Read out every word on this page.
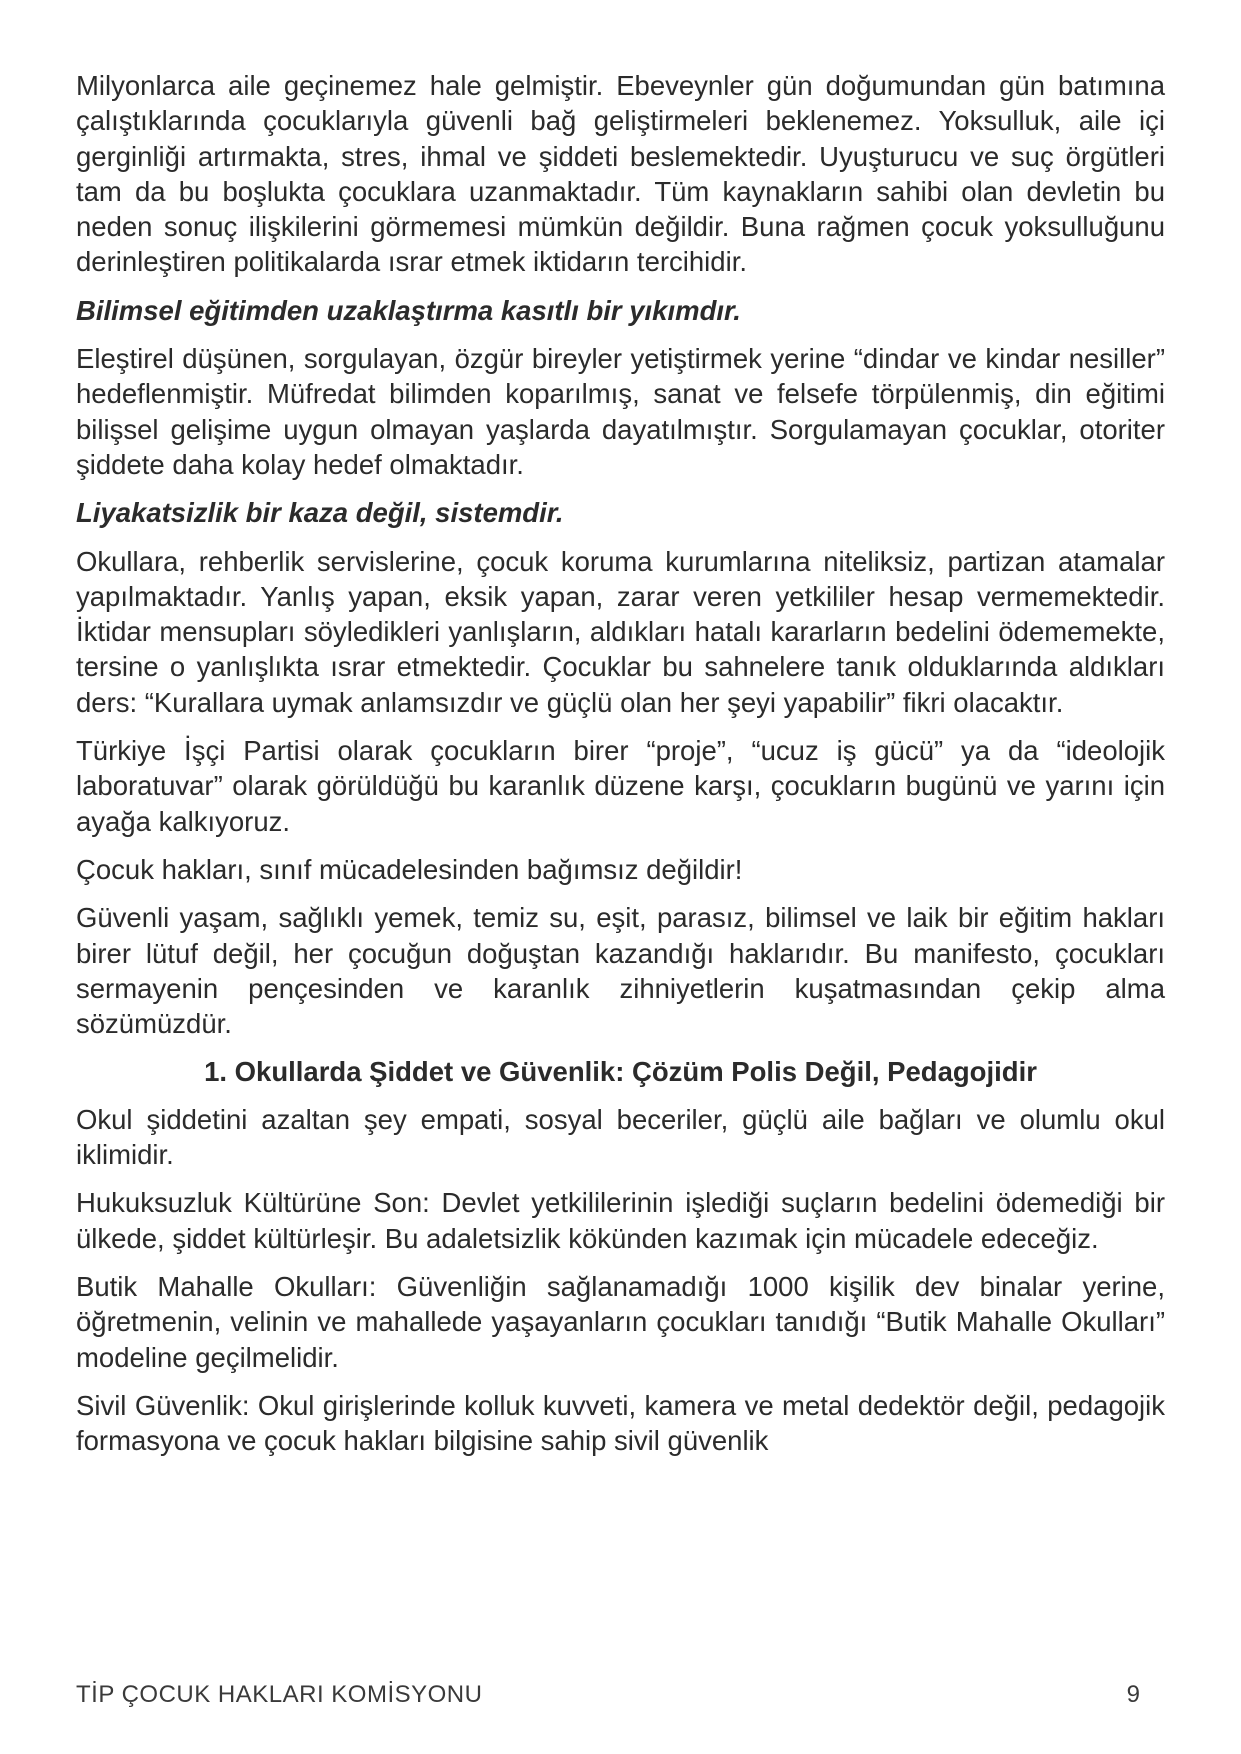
Milyonlarca aile geçinemez hale gelmiştir. Ebeveynler gün doğumundan gün batımına çalıştıklarında çocuklarıyla güvenli bağ geliştirmeleri beklenemez. Yoksulluk, aile içi gerginliği artırmakta, stres, ihmal ve şiddeti beslemektedir. Uyuşturucu ve suç örgütleri tam da bu boşlukta çocuklara uzanmaktadır. Tüm kaynakların sahibi olan devletin bu neden sonuç ilişkilerini görmemesi mümkün değildir. Buna rağmen çocuk yoksulluğunu derinleştiren politikalarda ısrar etmek iktidarın tercihidir.

Bilimsel eğitimden uzaklaştırma kasıtlı bir yıkımdır.

Eleştirel düşünen, sorgulayan, özgür bireyler yetiştirmek yerine “dindar ve kindar nesiller” hedeflenmiştir. Müfredat bilimden koparılmış, sanat ve felsefe törpülenmiş, din eğitimi bilişsel gelişime uygun olmayan yaşlarda dayatılmıştır. Sorgulamayan çocuklar, otoriter şiddete daha kolay hedef olmaktadır.

Liyakatsizlik bir kaza değil, sistemdir.

Okullara, rehberlik servislerine, çocuk koruma kurumlarına niteliksiz, partizan atamalar yapılmaktadır. Yanlış yapan, eksik yapan, zarar veren yetkililer hesap vermemektedir. İktidar mensupları söyledikleri yanlışların, aldıkları hatalı kararların bedelini ödememekte, tersine o yanlışlıkta ısrar etmektedir. Çocuklar bu sahnelere tanık olduklarında aldıkları ders: “Kurallara uymak anlamsızdır ve güçlü olan her şeyi yapabilir” fikri olacaktır.

Türkiye İşçi Partisi olarak çocukların birer “proje”, “ucuz iş gücü” ya da “ideolojik laboratuvar” olarak görüldüğü bu karanlık düzene karşı, çocukların bugünü ve yarını için ayağa kalkıyoruz.

Çocuk hakları, sınıf mücadelesinden bağımsız değildir!

Güvenli yaşam, sağlıklı yemek, temiz su, eşit, parasız, bilimsel ve laik bir eğitim hakları birer lütuf değil, her çocuğun doğuştan kazandığı haklarıdır. Bu manifesto, çocukları sermayenin pençesinden ve karanlık zihniyetlerin kuşatmasından çekip alma sözümüzdür.

1. Okullarda Şiddet ve Güvenlik: Çözüm Polis Değil, Pedagojidir

Okul şiddetini azaltan şey empati, sosyal beceriler, güçlü aile bağları ve olumlu okul iklimidir.

Hukuksuzluk Kültürüne Son: Devlet yetkililerinin işlediği suçların bedelini ödemediği bir ülkede, şiddet kültürleşir. Bu adaletsizlik kökünden kazımak için mücadele edeceğiz.

Butik Mahalle Okulları: Güvenliğin sağlanamadığı 1000 kişilik dev binalar yerine, öğretmenin, velinin ve mahallede yaşayanların çocukları tanıdığı “Butik Mahalle Okulları” modeline geçilmelidir.

Sivil Güvenlik: Okul girişlerinde kolluk kuvveti, kamera ve metal dedektör değil, pedagojik formasyona ve çocuk hakları bilgisine sahip sivil güvenlik

TİP ÇOCUK HAKLARI KOMİSYONU	9
